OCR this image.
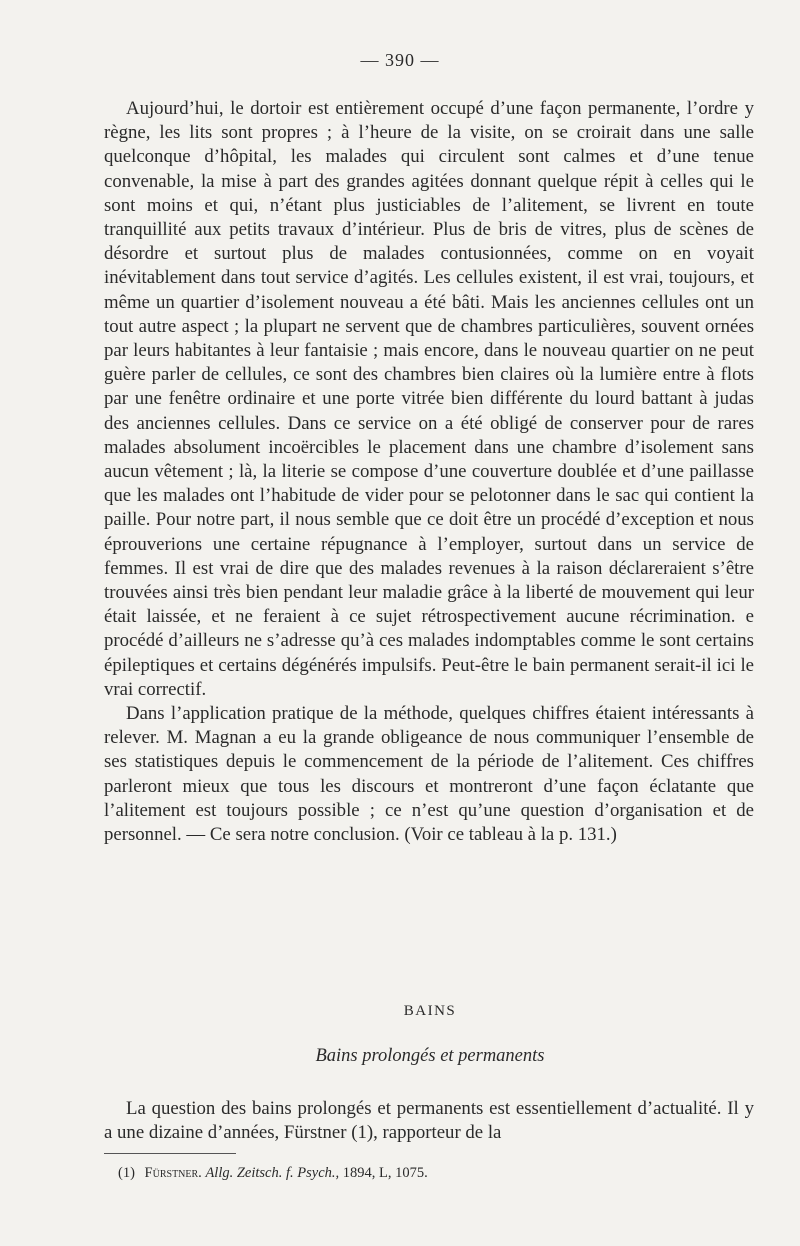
— 390 —

Aujourd’hui, le dortoir est entièrement occupé d’une façon permanente, l’ordre y règne, les lits sont propres ; à l’heure de la visite, on se croirait dans une salle quelconque d’hôpital, les malades qui circulent sont calmes et d’une tenue convenable, la mise à part des grandes agitées donnant quelque répit à celles qui le sont moins et qui, n’étant plus justiciables de l’alitement, se livrent en toute tranquillité aux petits travaux d’intérieur. Plus de bris de vitres, plus de scènes de désordre et surtout plus de malades contusionnées, comme on en voyait inévitablement dans tout service d’agités. Les cellules existent, il est vrai, toujours, et même un quartier d’isolement nouveau a été bâti. Mais les anciennes cellules ont un tout autre aspect ; la plupart ne servent que de chambres particulières, souvent ornées par leurs habitantes à leur fantaisie ; mais encore, dans le nouveau quartier on ne peut guère parler de cellules, ce sont des chambres bien claires où la lumière entre à flots par une fenêtre ordinaire et une porte vitrée bien différente du lourd battant à judas des anciennes cellules. Dans ce service on a été obligé de conserver pour de rares malades absolument incoërcibles le placement dans une chambre d’isolement sans aucun vêtement ; là, la literie se compose d’une couverture doublée et d’une paillasse que les malades ont l’habitude de vider pour se pelotonner dans le sac qui contient la paille. Pour notre part, il nous semble que ce doit être un procédé d’exception et nous éprouverions une certaine répugnance à l’employer, surtout dans un service de femmes. Il est vrai de dire que des malades revenues à la raison déclareraient s’être trouvées ainsi très bien pendant leur maladie grâce à la liberté de mouvement qui leur était laissée, et ne feraient à ce sujet rétrospectivement aucune récrimination. e procédé d’ailleurs ne s’adresse qu’à ces malades indomptables comme le sont certains épileptiques et certains dégénérés impulsifs. Peut-être le bain permanent serait-il ici le vrai correctif.

Dans l’application pratique de la méthode, quelques chiffres étaient intéressants à relever. M. Magnan a eu la grande obligeance de nous communiquer l’ensemble de ses statistiques depuis le commencement de la période de l’alitement. Ces chiffres parleront mieux que tous les discours et montreront d’une façon éclatante que l’alitement est toujours possible ; ce n’est qu’une question d’organisation et de personnel. — Ce sera notre conclusion. (Voir ce tableau à la p. 131.)

BAINS
Bains prolongés et permanents

La question des bains prolongés et permanents est essentiellement d’actualité. Il y a une dizaine d’années, Fürstner (1), rapporteur de la

(1) Fürstner. Allg. Zeitsch. f. Psych., 1894, L, 1075.
